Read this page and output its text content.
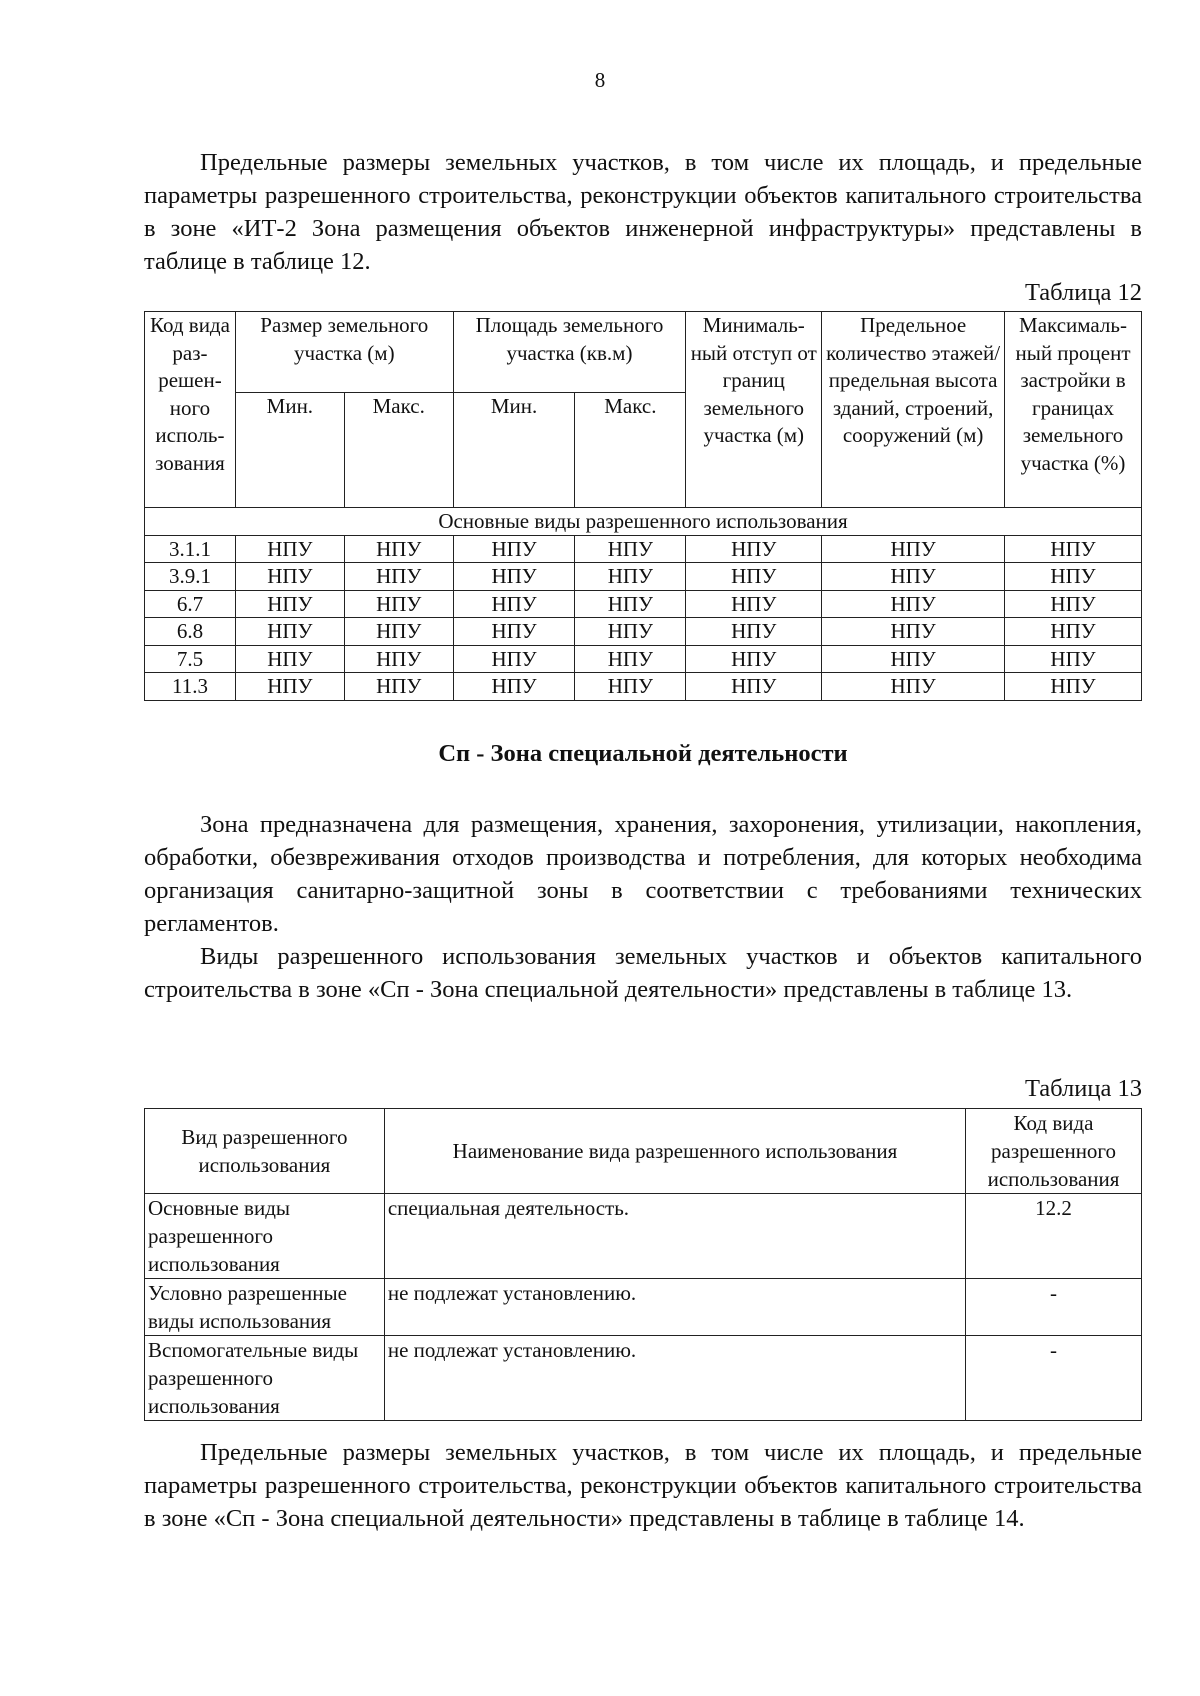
8

Предельные размеры земельных участков, в том числе их площадь, и предельные параметры разрешенного строительства, реконструкции объектов капитального строительства в зоне «ИТ-2 Зона размещения объектов инженерной инфраструктуры» представлены в таблице в таблице 12.

Таблица 12
Код вида раз-решен-ного исполь-зования	Размер земельного участка (м)		Площадь земельного участка (кв.м)		Минималь-ный отступ от границ земельного участка (м)	Предельное количество этажей/ предельная высота зданий, строений, сооружений (м)	Максималь-ный процент застройки в границах земельного участка (%)
	Мин.	Макс.	Мин.	Макс.			
Основные виды разрешенного использования							
3.1.1	НПУ	НПУ	НПУ	НПУ	НПУ	НПУ	НПУ
3.9.1	НПУ	НПУ	НПУ	НПУ	НПУ	НПУ	НПУ
6.7	НПУ	НПУ	НПУ	НПУ	НПУ	НПУ	НПУ
6.8	НПУ	НПУ	НПУ	НПУ	НПУ	НПУ	НПУ
7.5	НПУ	НПУ	НПУ	НПУ	НПУ	НПУ	НПУ
11.3	НПУ	НПУ	НПУ	НПУ	НПУ	НПУ	НПУ
Сп - Зона специальной деятельности

Зона предназначена для размещения, хранения, захоронения, утилизации, накопления, обработки, обезвреживания отходов производства и потребления, для которых необходима организация санитарно-защитной зоны в соответствии с требованиями технических регламентов.

Виды разрешенного использования земельных участков и объектов капитального строительства в зоне «Сп - Зона специальной деятельности» представлены в таблице 13.

Таблица 13
Вид разрешенного использования	Наименование вида разрешенного использования	Код вида разрешенного использования
Основные виды разрешенного использования	специальная деятельность.	12.2
Условно разрешенные виды использования	не подлежат установлению.	-
Вспомогательные виды разрешенного использования	не подлежат установлению.	-

Предельные размеры земельных участков, в том числе их площадь, и предельные параметры разрешенного строительства, реконструкции объектов капитального строительства в зоне «Сп - Зона специальной деятельности» представлены в таблице в таблице 14.
